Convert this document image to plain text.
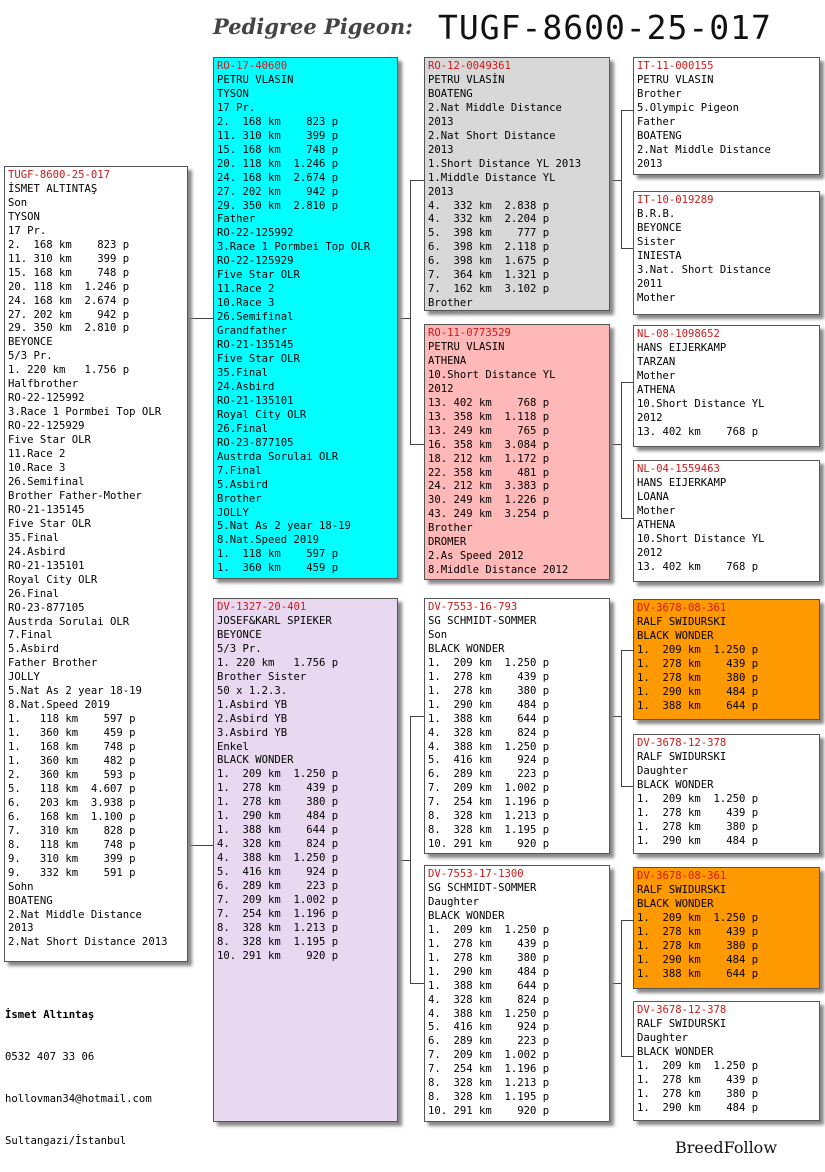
Pedigree Pigeon: TUGF-8600-25-017
TUGF-8600-25-017
İSMET ALTINTAŞ
Son
TYSON
17 Pr.
2.  168 km    823 p
11. 310 km    399 p
15. 168 km    748 p
20. 118 km  1.246 p
24. 168 km  2.674 p
27. 202 km    942 p
29. 350 km  2.810 p
BEYONCE
5/3 Pr.
1. 220 km   1.756 p
Halfbrother
RO-22-125992
3.Race 1 Pormbei Top OLR
RO-22-125929
Five Star OLR
11.Race 2
10.Race 3
26.Semifinal
Brother Father-Mother
RO-21-135145
Five Star OLR
35.Final
24.Asbird
RO-21-135101
Royal City OLR
26.Final
RO-23-877105
Austrda Sorulai OLR
7.Final
5.Asbird
Father Brother
JOLLY
5.Nat As 2 year 18-19
8.Nat.Speed 2019
1.   118 km    597 p
1.   360 km    459 p
1.   168 km    748 p
1.   360 km    482 p
2.   360 km    593 p
5.   118 km  4.607 p
6.   203 km  3.938 p
6.   168 km  1.100 p
7.   310 km    828 p
8.   118 km    748 p
9.   310 km    399 p
9.   332 km    591 p
Sohn
BOATENG
2.Nat Middle Distance
2013
2.Nat Short Distance 2013
RO-17-40600
PETRU VLASIN
TYSON
17 Pr.
2.  168 km    823 p
11. 310 km    399 p
15. 168 km    748 p
20. 118 km  1.246 p
24. 168 km  2.674 p
27. 202 km    942 p
29. 350 km  2.810 p
Father
RO-22-125992
3.Race 1 Pormbei Top OLR
RO-22-125929
Five Star OLR
11.Race 2
10.Race 3
26.Semifinal
Grandfather
RO-21-135145
Five Star OLR
35.Final
24.Asbird
RO-21-135101
Royal City OLR
26.Final
RO-23-877105
Austrda Sorulai OLR
7.Final
5.Asbird
Brother
JOLLY
5.Nat As 2 year 18-19
8.Nat.Speed 2019
1.  118 km    597 p
1.  360 km    459 p
DV-1327-20-401
JOSEF&KARL SPIEKER
BEYONCE
5/3 Pr.
1. 220 km   1.756 p
Brother Sister
50 x 1.2.3.
1.Asbird YB
2.Asbird YB
3.Asbird YB
Enkel
BLACK WONDER
1.  209 km  1.250 p
1.  278 km    439 p
1.  278 km    380 p
1.  290 km    484 p
1.  388 km    644 p
4.  328 km    824 p
4.  388 km  1.250 p
5.  416 km    924 p
6.  289 km    223 p
7.  209 km  1.002 p
7.  254 km  1.196 p
8.  328 km  1.213 p
8.  328 km  1.195 p
10. 291 km    920 p
RO-12-0049361
PETRU VLASİN
BOATENG
2.Nat Middle Distance
2013
2.Nat Short Distance
2013
1.Short Distance YL 2013
1.Middle Distance YL
2013
4.  332 km  2.838 p
4.  332 km  2.204 p
5.  398 km    777 p
6.  398 km  2.118 p
6.  398 km  1.675 p
7.  364 km  1.321 p
7.  162 km  3.102 p
Brother
RO-11-0773529
PETRU VLASIN
ATHENA
10.Short Distance YL
2012
13. 402 km    768 p
13. 358 km  1.118 p
13. 249 km    765 p
16. 358 km  3.084 p
18. 212 km  1.172 p
22. 358 km    481 p
24. 212 km  3.383 p
30. 249 km  1.226 p
43. 249 km  3.254 p
Brother
DROMER
2.As Speed 2012
8.Middle Distance 2012
DV-7553-16-793
SG SCHMIDT-SOMMER
Son
BLACK WONDER
1.  209 km  1.250 p
1.  278 km    439 p
1.  278 km    380 p
1.  290 km    484 p
1.  388 km    644 p
4.  328 km    824 p
4.  388 km  1.250 p
5.  416 km    924 p
6.  289 km    223 p
7.  209 km  1.002 p
7.  254 km  1.196 p
8.  328 km  1.213 p
8.  328 km  1.195 p
10. 291 km    920 p
DV-7553-17-1300
SG SCHMIDT-SOMMER
Daughter
BLACK WONDER
1.  209 km  1.250 p
1.  278 km    439 p
1.  278 km    380 p
1.  290 km    484 p
1.  388 km    644 p
4.  328 km    824 p
4.  388 km  1.250 p
5.  416 km    924 p
6.  289 km    223 p
7.  209 km  1.002 p
7.  254 km  1.196 p
8.  328 km  1.213 p
8.  328 km  1.195 p
10. 291 km    920 p
IT-11-000155
PETRU VLASIN
Brother
5.Olympic Pigeon
Father
BOATENG
2.Nat Middle Distance
2013
IT-10-019289
B.R.B.
BEYONCE
Sister
INIESTA
3.Nat. Short Distance
2011
Mother
NL-08-1098652
HANS EIJERKAMP
TARZAN
Mother
ATHENA
10.Short Distance YL
2012
13. 402 km    768 p
NL-04-1559463
HANS EIJERKAMP
LOANA
Mother
ATHENA
10.Short Distance YL
2012
13. 402 km    768 p
DV-3678-08-361
RALF SWIDURSKI
BLACK WONDER
1.  209 km  1.250 p
1.  278 km    439 p
1.  278 km    380 p
1.  290 km    484 p
1.  388 km    644 p
DV-3678-12-378
RALF SWIDURSKI
Daughter
BLACK WONDER
1.  209 km  1.250 p
1.  278 km    439 p
1.  278 km    380 p
1.  290 km    484 p
DV-3678-08-361
RALF SWIDURSKI
BLACK WONDER
1.  209 km  1.250 p
1.  278 km    439 p
1.  278 km    380 p
1.  290 km    484 p
1.  388 km    644 p
DV-3678-12-378
RALF SWIDURSKI
Daughter
BLACK WONDER
1.  209 km  1.250 p
1.  278 km    439 p
1.  278 km    380 p
1.  290 km    484 p

İsmet Altıntaş

0532 407 33 06

hollovman34@hotmail.com

Sultangazi/İstanbul	BreedFollow
